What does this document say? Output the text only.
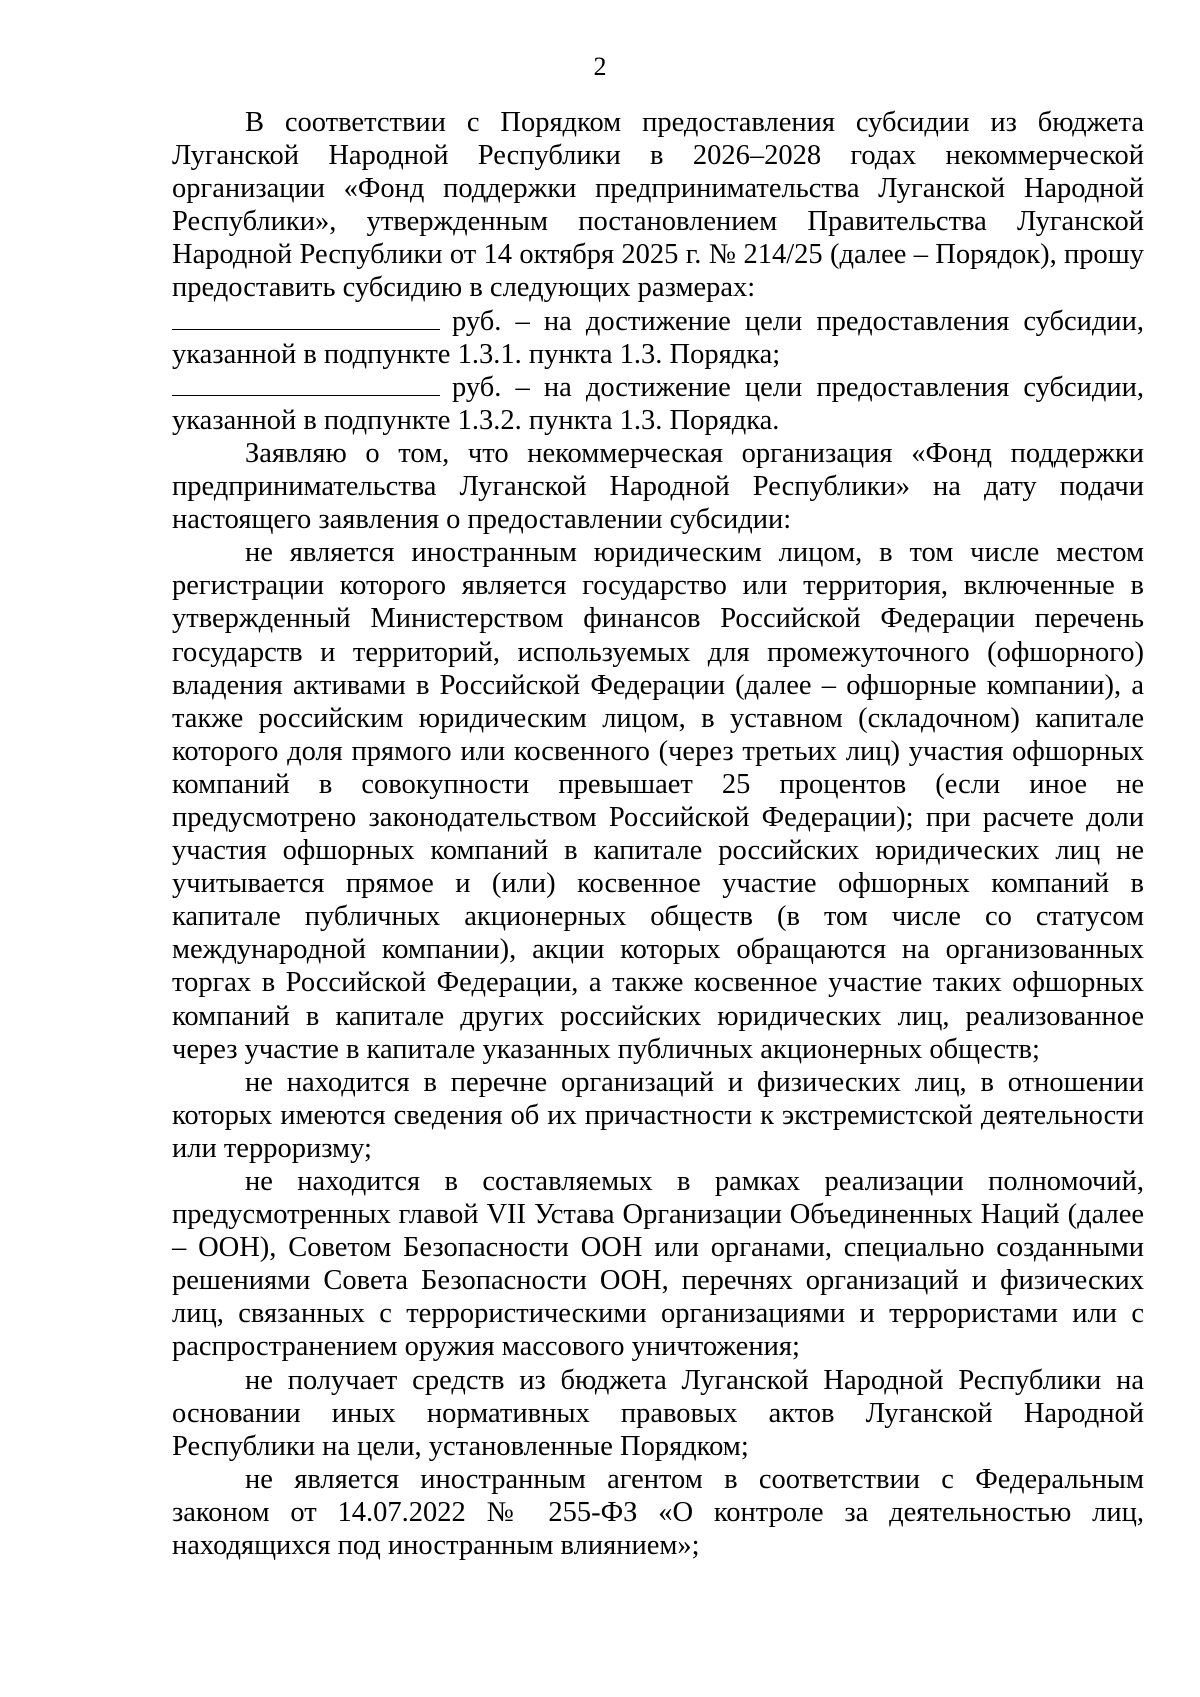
2

В соответствии с Порядком предоставления субсидии из бюджета Луганской Народной Республики в 2026–2028 годах некоммерческой организации «Фонд поддержки предпринимательства Луганской Народной Республики», утвержденным постановлением Правительства Луганской Народной Республики от 14 октября 2025 г. № 214/25 (далее – Порядок), прошу предоставить субсидию в следующих размерах:

руб. – на достижение цели предоставления субсидии, указанной в подпункте 1.3.1. пункта 1.3. Порядка;

руб. – на достижение цели предоставления субсидии, указанной в подпункте 1.3.2. пункта 1.3. Порядка.

Заявляю о том, что некоммерческая организация «Фонд поддержки предпринимательства Луганской Народной Республики» на дату подачи настоящего заявления о предоставлении субсидии:

не является иностранным юридическим лицом, в том числе местом регистрации которого является государство или территория, включенные в утвержденный Министерством финансов Российской Федерации перечень государств и территорий, используемых для промежуточного (офшорного) владения активами в Российской Федерации (далее – офшорные компании), а также российским юридическим лицом, в уставном (складочном) капитале которого доля прямого или косвенного (через третьих лиц) участия офшорных компаний в совокупности превышает 25 процентов (если иное не предусмотрено законодательством Российской Федерации); при расчете доли участия офшорных компаний в капитале российских юридических лиц не учитывается прямое и (или) косвенное участие офшорных компаний в капитале публичных акционерных обществ (в том числе со статусом международной компании), акции которых обращаются на организованных торгах в Российской Федерации, а также косвенное участие таких офшорных компаний в капитале других российских юридических лиц, реализованное через участие в капитале указанных публичных акционерных обществ;

не находится в перечне организаций и физических лиц, в отношении которых имеются сведения об их причастности к экстремистской деятельности или терроризму;

не находится в составляемых в рамках реализации полномочий, предусмотренных главой VII Устава Организации Объединенных Наций (далее – ООН), Советом Безопасности ООН или органами, специально созданными решениями Совета Безопасности ООН, перечнях организаций и физических лиц, связанных с террористическими организациями и террористами или с распространением оружия массового уничтожения;

не получает средств из бюджета Луганской Народной Республики на основании иных нормативных правовых актов Луганской Народной Республики на цели, установленные Порядком;

не является иностранным агентом в соответствии с Федеральным законом от 14.07.2022 № 255-ФЗ «О контроле за деятельностью лиц, находящихся под иностранным влиянием»;
